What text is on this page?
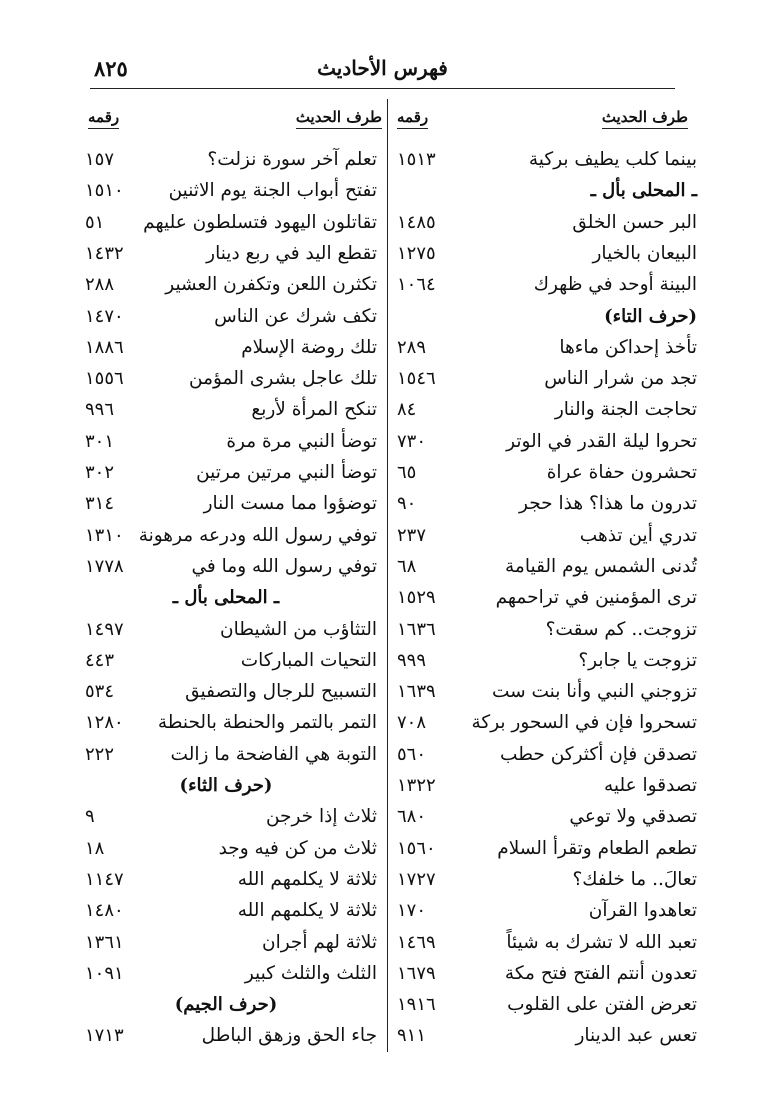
٨٢٥	فهرس الأحاديث
طرف الحديث
رقمه
طرف الحديث
رقمه
بينما كلب يطيف بركية
١٥١٣
ـ المحلى بأل ـ
البر حسن الخلق
١٤٨٥
البيعان بالخيار
١٢٧٥
البينة أوحد في ظهرك
١٠٦٤
(حرف التاء)
تأخذ إحداكن ماءها
٢٨٩
تجد من شرار الناس
١٥٤٦
تحاجت الجنة والنار
٨٤
تحروا ليلة القدر في الوتر
٧٣٠
تحشرون حفاة عراة
٦٥
تدرون ما هذا؟ هذا حجر
٩٠
تدري أين تذهب
٢٣٧
تُدنى الشمس يوم القيامة
٦٨
ترى المؤمنين في تراحمهم
١٥٢٩
تزوجت.. كم سقت؟
١٦٣٦
تزوجت يا جابر؟
٩٩٩
تزوجني النبي وأنا بنت ست
١٦٣٩
تسحروا فإن في السحور بركة
٧٠٨
تصدقن فإن أكثركن حطب
٥٦٠
تصدقوا عليه
١٣٢٢
تصدقي ولا توعي
٦٨٠
تطعم الطعام وتقرأ السلام
١٥٦٠
تعالَ.. ما خلفك؟
١٧٢٧
تعاهدوا القرآن
١٧٠
تعبد الله لا تشرك به شيئاً
١٤٦٩
تعدون أنتم الفتح فتح مكة
١٦٧٩
تعرض الفتن على القلوب
١٩١٦
تعس عبد الدينار
٩١١
تعلم آخر سورة نزلت؟
١٥٧
تفتح أبواب الجنة يوم الاثنين
١٥١٠
تقاتلون اليهود فتسلطون عليهم
٥١
تقطع اليد في ربع دينار
١٤٣٢
تكثرن اللعن وتكفرن العشير
٢٨٨
تكف شرك عن الناس
١٤٧٠
تلك روضة الإسلام
١٨٨٦
تلك عاجل بشرى المؤمن
١٥٥٦
تنكح المرأة لأربع
٩٩٦
توضأ النبي مرة مرة
٣٠١
توضأ النبي مرتين مرتين
٣٠٢
توضؤوا مما مست النار
٣١٤
توفي رسول الله ودرعه مرهونة
١٣١٠
توفي رسول الله وما في
١٧٧٨
ـ المحلى بأل ـ
التثاؤب من الشيطان
١٤٩٧
التحيات المباركات
٤٤٣
التسبيح للرجال والتصفيق
٥٣٤
التمر بالتمر والحنطة بالحنطة
١٢٨٠
التوبة هي الفاضحة ما زالت
٢٢٢
(حرف الثاء)
ثلاث إذا خرجن
٩
ثلاث من كن فيه وجد
١٨
ثلاثة لا يكلمهم الله
١١٤٧
ثلاثة لا يكلمهم الله
١٤٨٠
ثلاثة لهم أجران
١٣٦١
الثلث والثلث كبير
١٠٩١
(حرف الجيم)
جاء الحق وزهق الباطل
١٧١٣
